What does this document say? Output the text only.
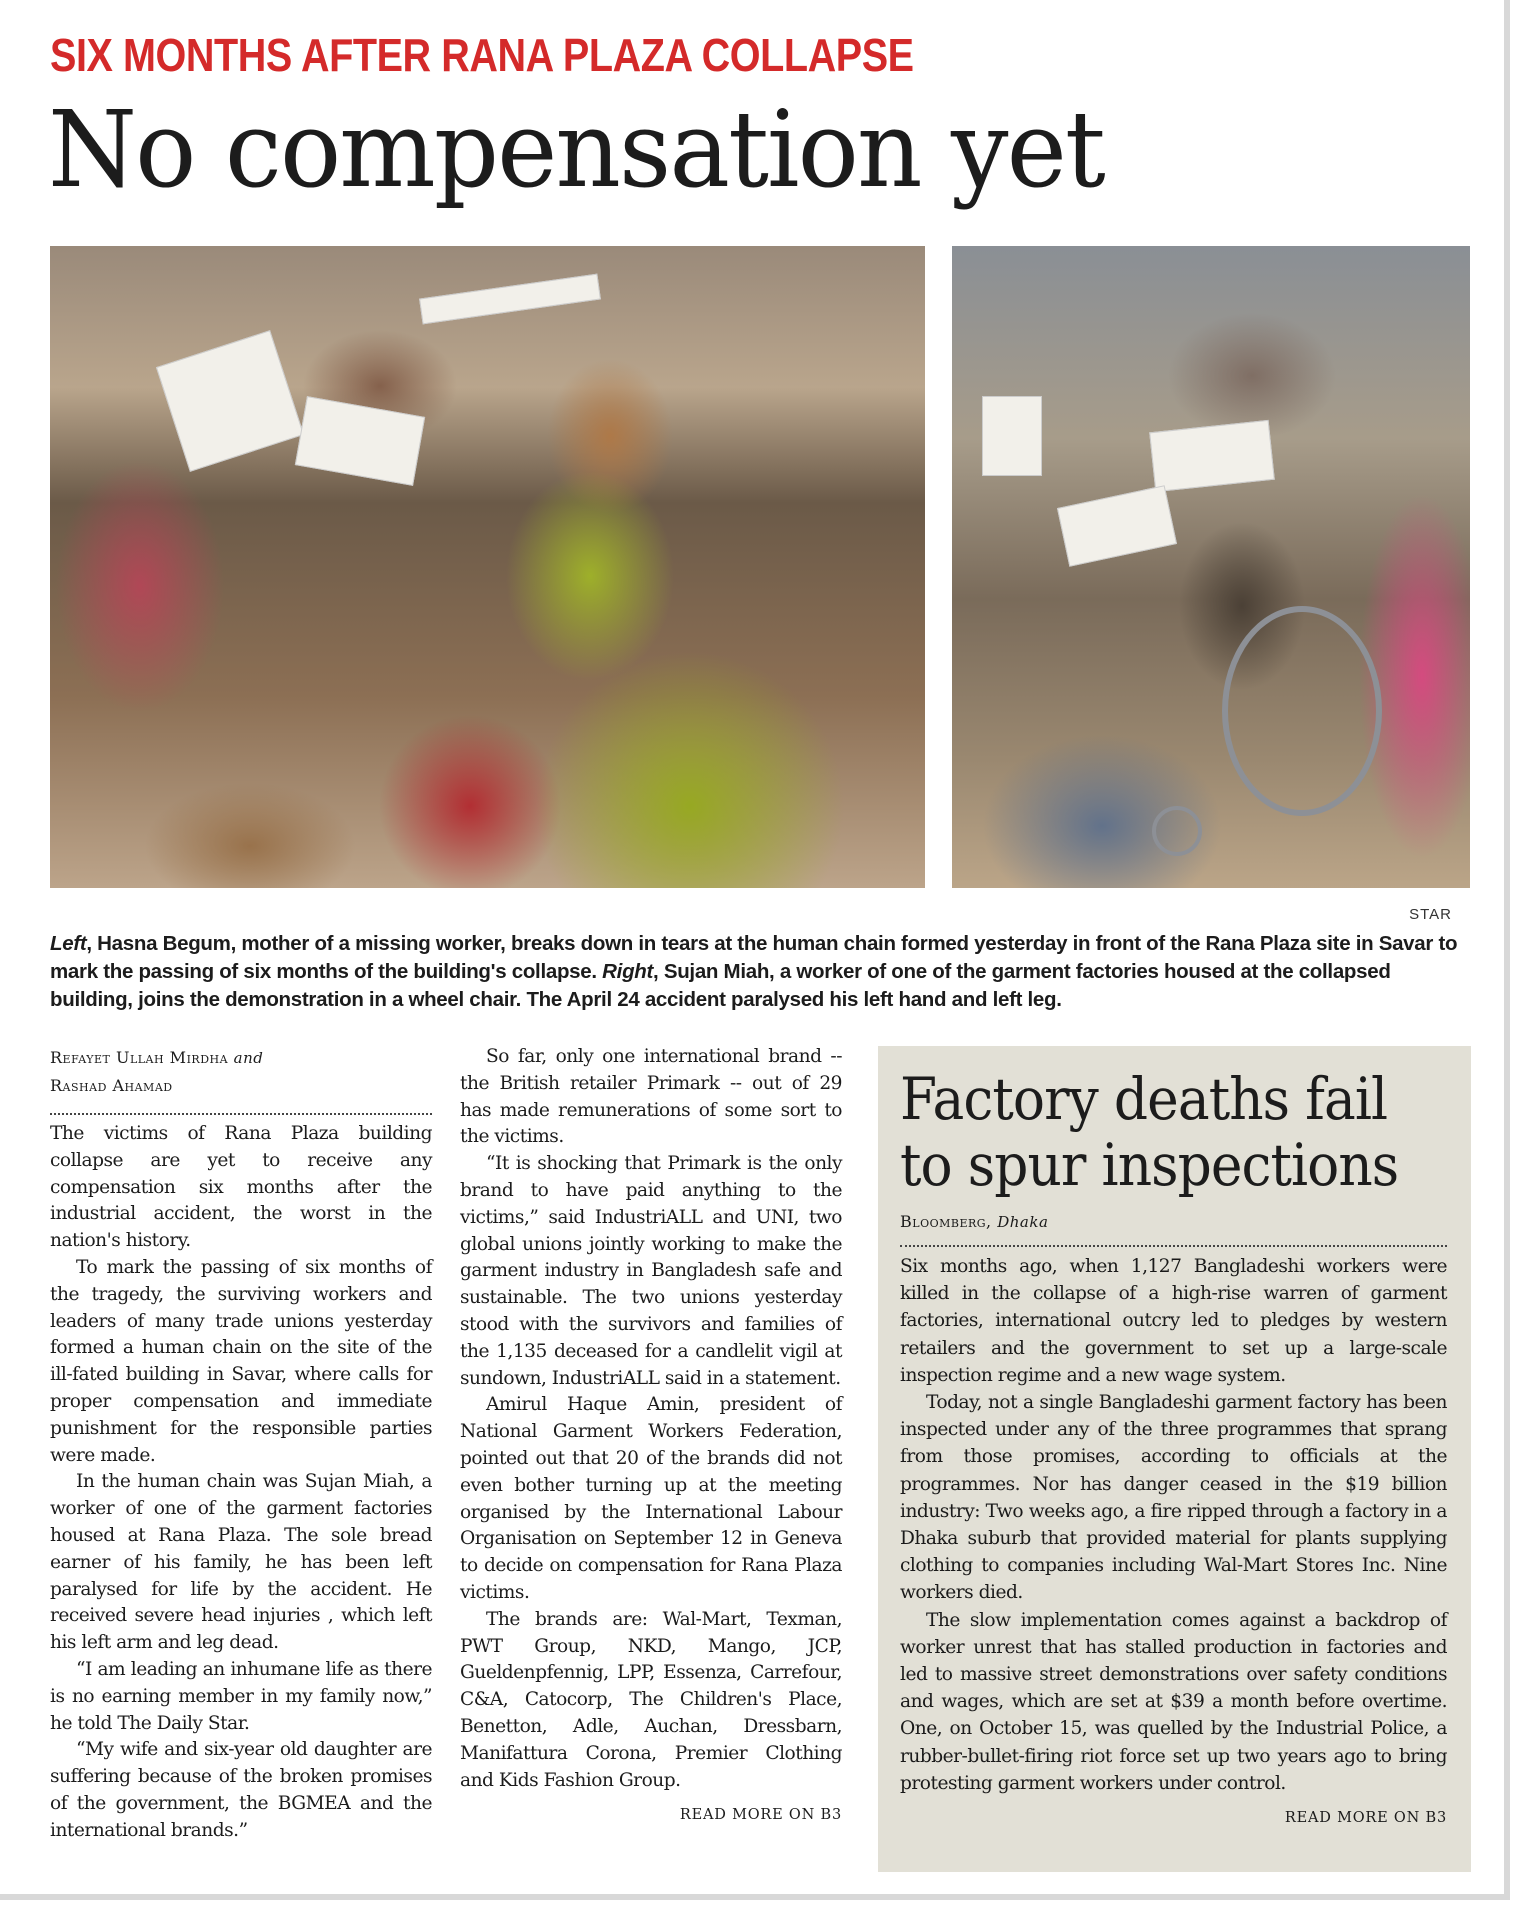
SIX MONTHS AFTER RANA PLAZA COLLAPSE
No compensation yet
STAR

Left, Hasna Begum, mother of a missing worker, breaks down in tears at the human chain formed yesterday in front of the Rana Plaza site in Savar to mark the passing of six months of the building's collapse. Right, Sujan Miah, a worker of one of the garment factories housed at the collapsed building, joins the demonstration in a wheel chair. The April 24 accident paralysed his left hand and left leg.

Refayet Ullah Mirdha and
Rashad Ahamad

The victims of Rana Plaza building collapse are yet to receive any compensation six months after the industrial accident, the worst in the nation's history.

To mark the passing of six months of the tragedy, the surviving workers and leaders of many trade unions yesterday formed a human chain on the site of the ill-fated building in Savar, where calls for proper compensation and immediate punishment for the responsible parties were made.

In the human chain was Sujan Miah, a worker of one of the garment factories housed at Rana Plaza. The sole bread earner of his family, he has been left paralysed for life by the accident. He received severe head injuries , which left his left arm and leg dead.

“I am leading an inhumane life as there is no earning member in my family now,” he told The Daily Star.

“My wife and six-year old daughter are suffering because of the broken promises of the government, the BGMEA and the international brands.”

So far, only one international brand -- the British retailer Primark -- out of 29 has made remunerations of some sort to the victims.

“It is shocking that Primark is the only brand to have paid anything to the victims,” said IndustriALL and UNI, two global unions jointly working to make the garment industry in Bangladesh safe and sustainable. The two unions yesterday stood with the survivors and families of the 1,135 deceased for a candlelit vigil at sundown, IndustriALL said in a statement.

Amirul Haque Amin, president of National Garment Workers Federation, pointed out that 20 of the brands did not even bother turning up at the meeting organised by the International Labour Organisation on September 12 in Geneva to decide on compensation for Rana Plaza victims.

The brands are: Wal-Mart, Texman, PWT Group, NKD, Mango, JCP, Gueldenpfennig, LPP, Essenza, Carrefour, C&A, Catocorp, The Children's Place, Benetton, Adle, Auchan, Dressbarn, Manifattura Corona, Premier Clothing and Kids Fashion Group.

READ MORE ON B3
Factory deaths fail
to spur inspections
Bloomberg, Dhaka

Six months ago, when 1,127 Bangladeshi workers were killed in the collapse of a high-rise warren of garment factories, international outcry led to pledges by western retailers and the government to set up a large-scale inspection regime and a new wage system.

Today, not a single Bangladeshi garment factory has been inspected under any of the three programmes that sprang from those promises, according to officials at the programmes. Nor has danger ceased in the $19 billion industry: Two weeks ago, a fire ripped through a factory in a Dhaka suburb that provided material for plants supplying clothing to companies including Wal-Mart Stores Inc. Nine workers died.

The slow implementation comes against a backdrop of worker unrest that has stalled production in factories and led to massive street demonstrations over safety conditions and wages, which are set at $39 a month before overtime. One, on October 15, was quelled by the Industrial Police, a rubber-bullet-firing riot force set up two years ago to bring protesting garment workers under control.

READ MORE ON B3
